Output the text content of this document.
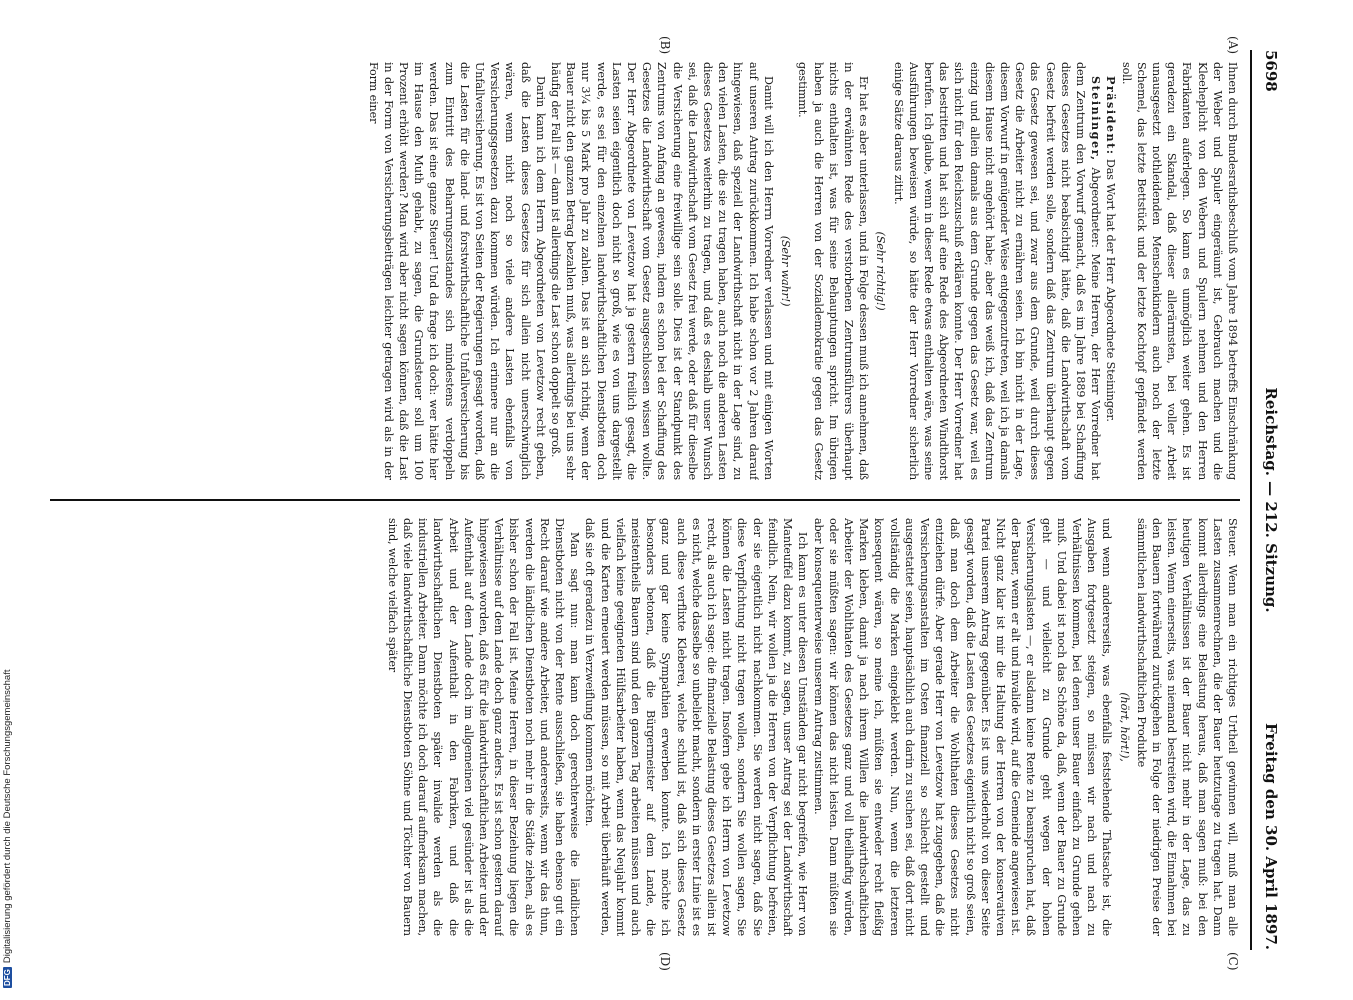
5698
Reichstag. — 212. Sitzung.
Freitag den 30. April 1897.
(A)
(B)
(C)
(D)

Ihnen durch Bundesrathsbeschluß vom Jahre 1894 betreffs Einschränkung der Weber und Spuler eingeräumt ist, Gebrauch machen und die Kleeheplicht von den Webern und Spulern nehmen und den Herren Fabrikanten auferlegen. So kann es unmöglich weiter gehen. Es ist geradezu ein Skandal, daß dieser allerärmsten, bei voller Arbeit unausgesetzt nothleidenden Menschenkindern auch noch der letzte Schemel, das letzte Bettstück und der letzte Kochtopf gepfändet werden soll.

Präsident: Das Wort hat der Herr Abgeordnete Steininger.

Steininger, Abgeordneter: Meine Herren, der Herr Vorredner hat dem Zentrum den Vorwurf gemacht, daß es im Jahre 1889 bei Schaffung dieses Gesetzes nicht beabsichtigt hätte, daß die Landwirthschaft vom Gesetz befreit werden solle, sondern daß das Zentrum überhaupt gegen das Gesetz gewesen sei, und zwar aus dem Grunde, weil durch dieses Gesetz die Arbeiter nicht zu ernähren seien. Ich bin nicht in der Lage, diesem Vorwurf in genügender Weise entgegenzutreten, weil ich ja damals diesem Hause nicht angehört habe; aber das weiß ich, daß das Zentrum einzig und allein damals aus dem Grunde gegen das Gesetz war, weil es sich nicht für den Reichszuschuß erklären konnte. Der Herr Vorredner hat das bestritten und hat sich auf eine Rede des Abgeordneten Windthorst berufen. Ich glaube, wenn in dieser Rede etwas enthalten wäre, was seine Ausführungen beweisen würde, so hätte der Herr Vorredner sicherlich einige Sätze daraus zitirt.

(Sehr richtig!)

Er hat es aber unterlassen, und in Folge dessen muß ich annehmen, daß in der erwähnten Rede des verstorbenen Zentrumsführers überhaupt nichts enthalten ist, was für seine Behauptungen spricht. Im übrigen haben ja auch die Herren von der Sozialdemokratie gegen das Gesetz gestimmt.

(Sehr wahr!)

Damit will ich den Herrn Vorredner verlassen und mit einigen Worten auf unseren Antrag zurückkommen. Ich habe schon vor 2 Jahren darauf hingewiesen, daß speziell der Landwirthschaft nicht in der Lage sind, zu den vielen Lasten, die sie zu tragen haben, auch noch die anderen Lasten dieses Gesetzes weiterhin zu tragen, und daß es deshalb unser Wunsch sei, daß die Landwirthschaft vom Gesetz frei werde, oder daß für dieselbe die Versicherung eine freiwillige sein solle. Dies ist der Standpunkt des Zentrums von Anfang an gewesen, indem es schon bei der Schaffung des Gesetzes die Landwirthschaft vom Gesetz ausgeschlossen wissen wollte. Der Herr Abgeordnete von Levetzow hat ja gestern freilich gesagt, die Lasten seien eigentlich doch nicht so groß, wie es von uns dargestellt werde, es sei für den einzelnen landwirthschaftlichen Dienstboten doch nur 3¼ bis 5 Mark pro Jahr zu zahlen. Das ist an sich richtig, wenn der Bauer nicht den ganzen Betrag bezahlen muß, was allerdings bei uns sehr häufig der Fall ist — dann ist allerdings die Last schon doppelt so groß.

Darin kann ich dem Herrn Abgeordneten von Levetzow recht geben, daß die Lasten dieses Gesetzes für sich allein nicht unerschwinglich wären, wenn nicht noch so viele andere Lasten ebenfalls von Versicherungsgesetzen dazu kommen würden. Ich erinnere nur an die Unfallversicherung. Es ist von Seiten der Regierungen gesagt worden, daß die Lasten für die land- und forstwirthschaftliche Unfallversicherung bis zum Eintritt des Beharrungszustandes sich mindestens verdoppeln werden. Das ist eine ganze Steuer! Und da frage ich doch: wer hätte hier im Hause den Muth gehabt, zu sagen, die Grundsteuer soll um 100 Prozent erhöht werden? Man wird aber nicht sagen können, daß die Last in der Form von Versicherungsbeiträgen leichter getragen wird als in der Form einer

Steuer. Wenn man ein richtiges Urtheil gewinnen will, muß man alle Lasten zusammenrechnen, die der Bauer heutzutage zu tragen hat. Dann kommt allerdings eine Belastung heraus, daß man sagen muß: bei den heutigen Verhältnissen ist der Bauer nicht mehr in der Lage, das zu leisten. Wenn einerseits, was niemand bestreiten wird, die Einnahmen bei den Bauern fortwährend zurückgehen in Folge der niedrigen Preise der sämmtlichen landwirthschaftlichen Produkte

(hört, hört!),

und wenn andererseits, was ebenfalls feststehende Thatsache ist, die Ausgaben fortgesetzt steigen, so müssen wir nach und nach zu Verhältnissen kommen, bei denen unser Bauer einfach zu Grunde gehen muß. Und dabei ist noch das Schöne da, daß, wenn der Bauer zu Grunde geht — und vielleicht zu Grunde geht wegen der hohen Versicherungslasten —, er alsdann keine Rente zu beanspruchen hat, daß der Bauer, wenn er alt und invalide wird, auf die Gemeinde angewiesen ist. Nicht ganz klar ist mir die Haltung der Herren von der konservativen Partei unserem Antrag gegenüber. Es ist uns wiederholt von dieser Seite gesagt worden, daß die Lasten des Gesetzes eigentlich nicht so groß seien, daß man doch dem Arbeiter die Wohlthaten dieses Gesetzes nicht entziehen dürfe. Aber gerade Herr von Levetzow hat zugegeben, daß die Versicherungsanstalten im Osten finanziell so schlecht gestellt und ausgestattet seien, hauptsächlich auch darin zu suchen sei, daß dort nicht vollständig die Marken eingeklebt werden. Nun, wenn die letzteren konsequent wären, so meine ich, müßten sie entweder recht fleißig Marken kleben, damit ja nach ihrem Willen die landwirthschaftlichen Arbeiter der Wohlthaten des Gesetzes ganz und voll theilhaftig würden, oder sie müßten sagen: wir können das nicht leisten. Dann müßten sie aber konsequenterweise unserem Antrag zustimmen.

Ich kann es unter diesen Umständen gar nicht begreifen, wie Herr von Manteuffel dazu kommt, zu sagen, unser Antrag sei der Landwirthschaft feindlich. Nein, wir wollen ja die Herren von der Verpflichtung befreien, der sie eigentlich nicht nachkommen. Sie werden nicht sagen, daß Sie diese Verpflichtung nicht tragen wollen, sondern Sie wollen sagen, Sie können die Lasten nicht tragen. Insofern gebe ich Herrn von Levetzow recht, als auch ich sage: die finanzielle Belastung dieses Gesetzes allein ist es nicht, welche dasselbe so unbeliebt macht, sondern in erster Linie ist es auch diese verflixte Kleberei, welche schuld ist, daß sich dieses Gesetz ganz und gar keine Sympathien erwerben konnte. Ich möchte ich besonders betonen, daß die Bürgermeister auf dem Lande, die meistentheils Bauern sind und den ganzen Tag arbeiten müssen und auch vielfach keine geeigneten Hülfsarbeiter haben, wenn das Neujahr kommt und die Karten erneuert werden müssen, so mit Arbeit überhäuft werden, daß sie oft geradezu in Verzweiflung kommen möchten.

Man sagt nun: man kann doch gerechterweise die ländlichen Dienstboten nicht von der Rente ausschließen, sie haben ebenso gut ein Recht darauf wie andere Arbeiter, und andererseits, wenn wir das thun, werden die ländlichen Dienstboten noch mehr in die Städte ziehen, als es bisher schon der Fall ist. Meine Herren, in dieser Beziehung liegen die Verhältnisse auf dem Lande doch ganz anders. Es ist schon gestern darauf hingewiesen worden, daß es für die landwirthschaftlichen Arbeiter und der Aufenthalt auf dem Lande doch im allgemeinen viel gesünder ist als die Arbeit und der Aufenthalt in den Fabriken, und daß die landwirthschaftlichen Dienstboten später invalide werden als die industriellen Arbeiter. Dann möchte ich doch darauf aufmerksam machen, daß viele landwirthschaftliche Dienstboten Söhne und Töchter von Bauern sind, welche vielfach später

DFGDigitalisierung gefördert durch die Deutsche Forschungsgemeinschaft
